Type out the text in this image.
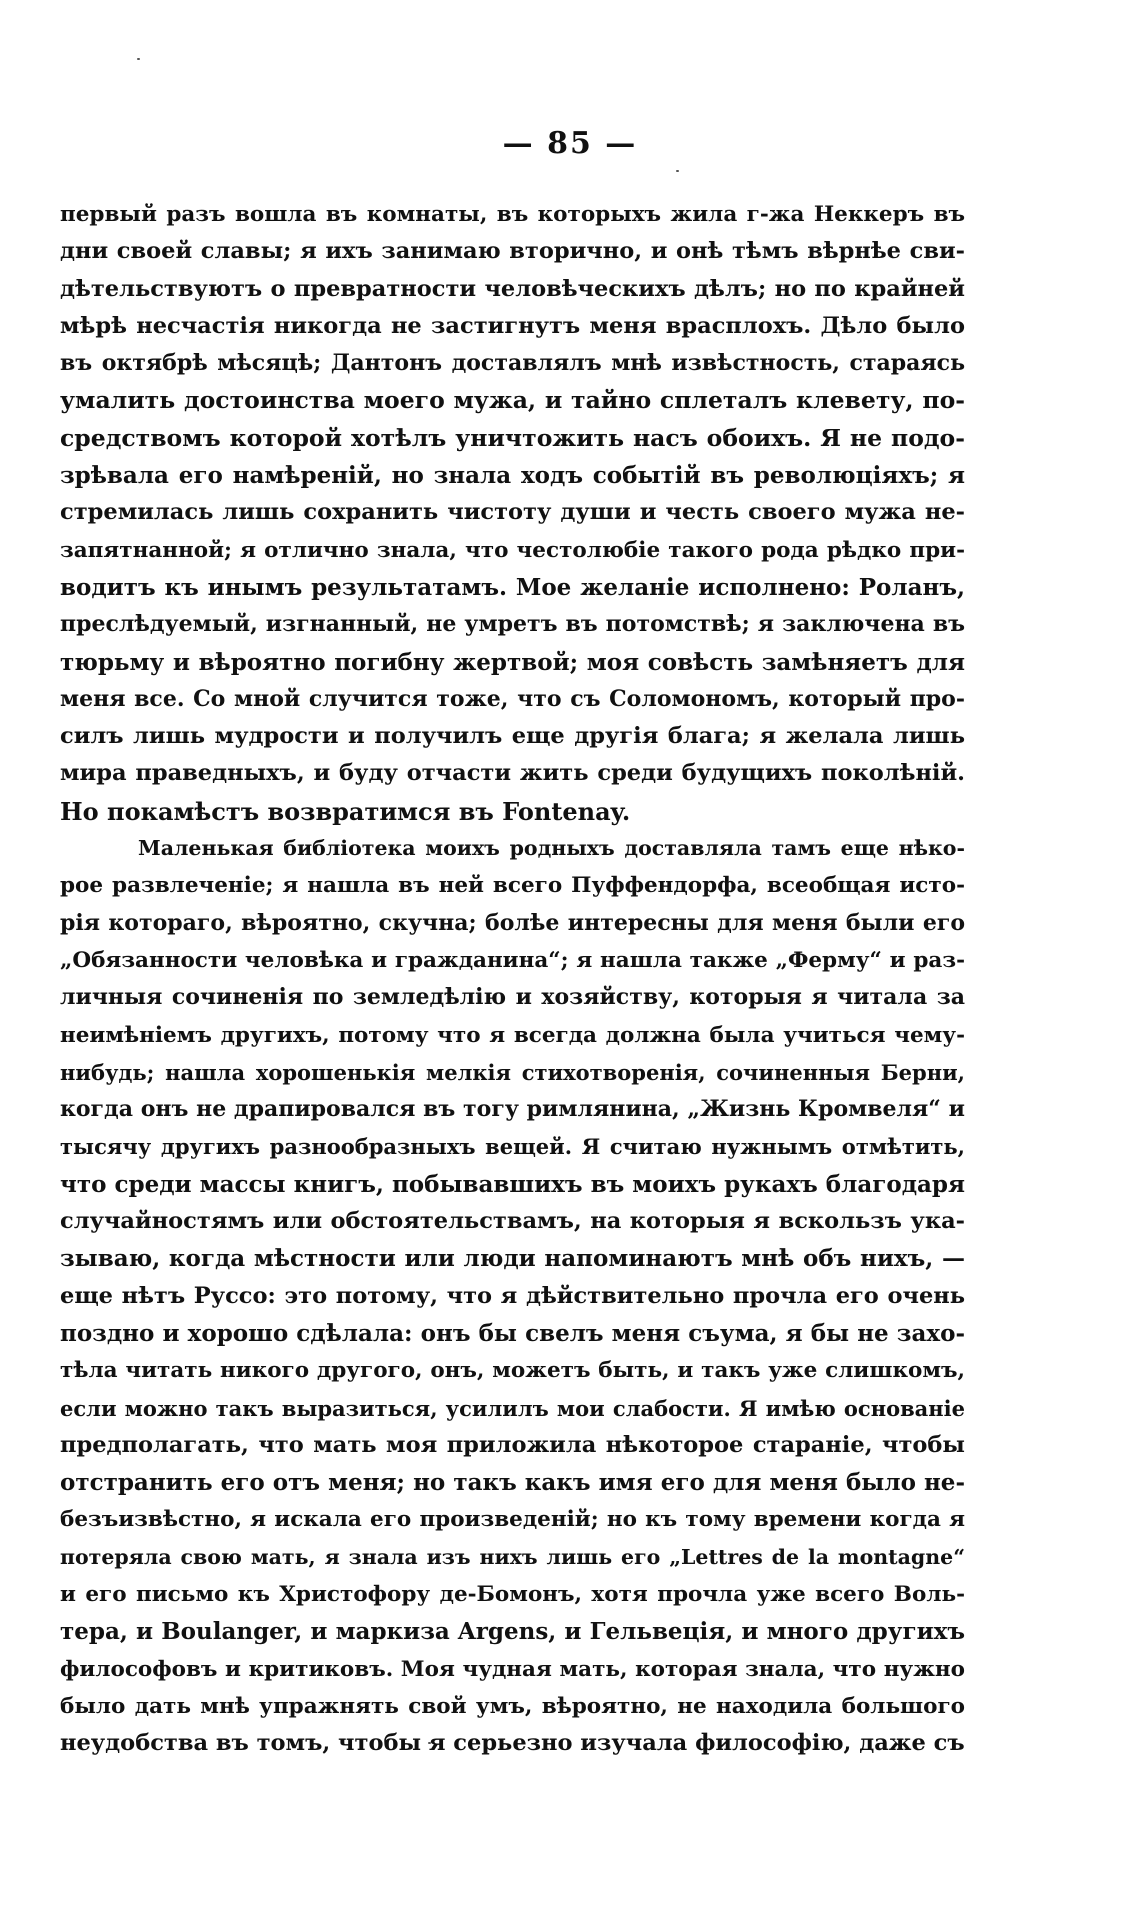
— 85 —
первый разъ вошла въ комнаты, въ которыхъ жила г-жа Неккеръ въ
дни своей славы; я ихъ занимаю вторично, и онѣ тѣмъ вѣрнѣе сви-
дѣтельствуютъ о превратности человѣческихъ дѣлъ; но по крайней
мѣрѣ несчастія никогда не застигнутъ меня врасплохъ. Дѣло было
въ октябрѣ мѣсяцѣ; Дантонъ доставлялъ мнѣ извѣстность, стараясь
умалить достоинства моего мужа, и тайно сплеталъ клевету, по-
средствомъ которой хотѣлъ уничтожить насъ обоихъ. Я не подо-
зрѣвала его намѣреній, но знала ходъ событій въ революціяхъ; я
стремилась лишь сохранить чистоту души и честь своего мужа не-
запятнанной; я отлично знала, что честолюбіе такого рода рѣдко при-
водитъ къ инымъ результатамъ. Мое желаніе исполнено: Роланъ,
преслѣдуемый, изгнанный, не умретъ въ потомствѣ; я заключена въ
тюрьму и вѣроятно погибну жертвой; моя совѣсть замѣняетъ для
меня все. Со мной случится тоже, что съ Соломономъ, который про-
силъ лишь мудрости и получилъ еще другія блага; я желала лишь
мира праведныхъ, и буду отчасти жить среди будущихъ поколѣній.
Но покамѣстъ возвратимся въ Fontenay.
Маленькая библіотека моихъ родныхъ доставляла тамъ еще нѣко-
рое развлеченіе; я нашла въ ней всего Пуффендорфа, всеобщая исто-
рія котораго, вѣроятно, скучна; болѣе интересны для меня были его
„Обязанности человѣка и гражданина“; я нашла также „Ферму“ и раз-
личныя сочиненія по земледѣлію и хозяйству, которыя я читала за
неимѣніемъ другихъ, потому что я всегда должна была учиться чему-
нибудь; нашла хорошенькія мелкія стихотворенія, сочиненныя Берни,
когда онъ не драпировался въ тогу римлянина, „Жизнь Кромвеля“ и
тысячу другихъ разнообразныхъ вещей. Я считаю нужнымъ отмѣтить,
что среди массы книгъ, побывавшихъ въ моихъ рукахъ благодаря
случайностямъ или обстоятельствамъ, на которыя я вскользъ ука-
зываю, когда мѣстности или люди напоминаютъ мнѣ объ нихъ, —
еще нѣтъ Руссо: это потому, что я дѣйствительно прочла его очень
поздно и хорошо сдѣлала: онъ бы свелъ меня съума, я бы не захо-
тѣла читать никого другого, онъ, можетъ быть, и такъ уже слишкомъ,
если можно такъ выразиться, усилилъ мои слабости. Я имѣю основаніе
предполагать, что мать моя приложила нѣкоторое стараніе, чтобы
отстранить его отъ меня; но такъ какъ имя его для меня было не-
безъизвѣстно, я искала его произведеній; но къ тому времени когда я
потеряла свою мать, я знала изъ нихъ лишь его „Lettres de la montagne“
и его письмо къ Христофору де-Бомонъ, хотя прочла уже всего Воль-
тера, и Boulanger, и маркиза Argens, и Гельвеція, и много другихъ
философовъ и критиковъ. Моя чудная мать, которая знала, что нужно
было дать мнѣ упражнять свой умъ, вѣроятно, не находила большого
неудобства въ томъ, чтобы я серьезно изучала философію, даже съ
